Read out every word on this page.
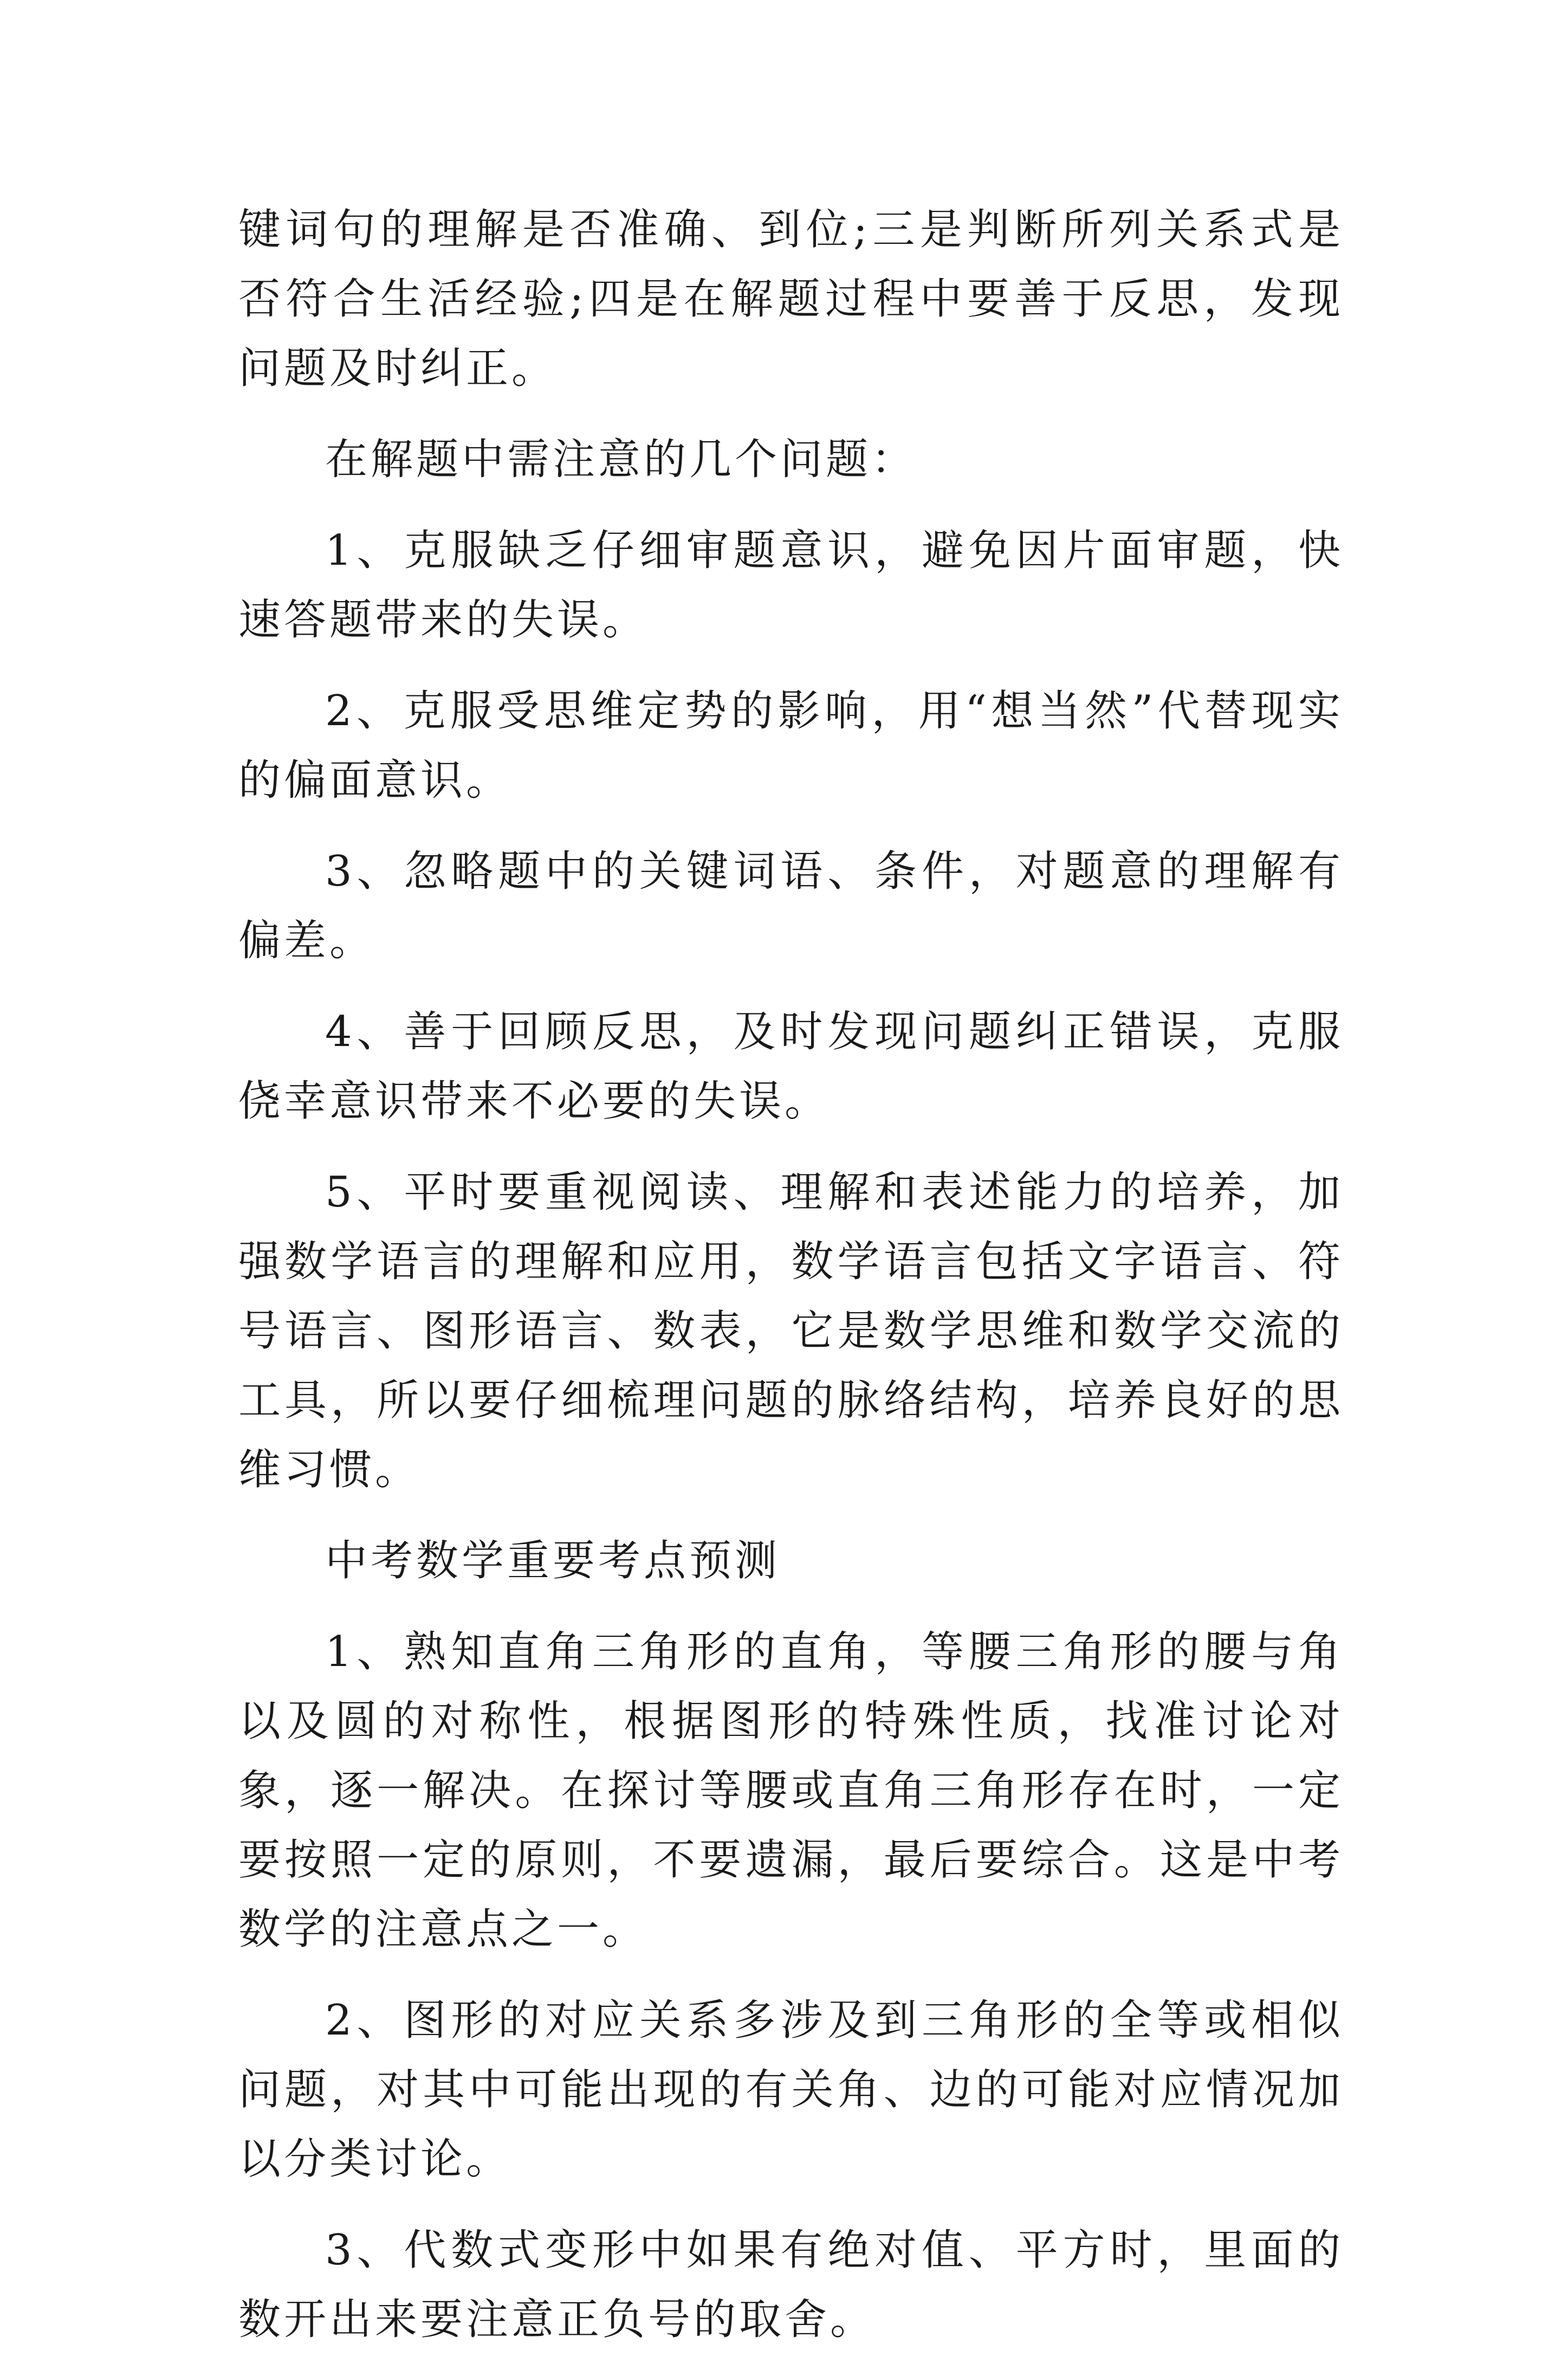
键词句的理解是否准确、到位;三是判断所列关系式是否符合生活经验;四是在解题过程中要善于反思，发现问题及时纠正。

在解题中需注意的几个问题：

1、克服缺乏仔细审题意识，避免因片面审题，快速答题带来的失误。

2、克服受思维定势的影响，用“想当然”代替现实的偏面意识。

3、忽略题中的关键词语、条件，对题意的理解有偏差。

4、善于回顾反思，及时发现问题纠正错误，克服侥幸意识带来不必要的失误。

5、平时要重视阅读、理解和表述能力的培养，加强数学语言的理解和应用，数学语言包括文字语言、符号语言、图形语言、数表，它是数学思维和数学交流的工具，所以要仔细梳理问题的脉络结构，培养良好的思维习惯。

中考数学重要考点预测

1、熟知直角三角形的直角，等腰三角形的腰与角以及圆的对称性，根据图形的特殊性质，找准讨论对象，逐一解决。在探讨等腰或直角三角形存在时，一定要按照一定的原则，不要遗漏，最后要综合。这是中考数学的注意点之一。

2、图形的对应关系多涉及到三角形的全等或相似问题，对其中可能出现的有关角、边的可能对应情况加以分类讨论。

3、代数式变形中如果有绝对值、平方时，里面的数开出来要注意正负号的取舍。
